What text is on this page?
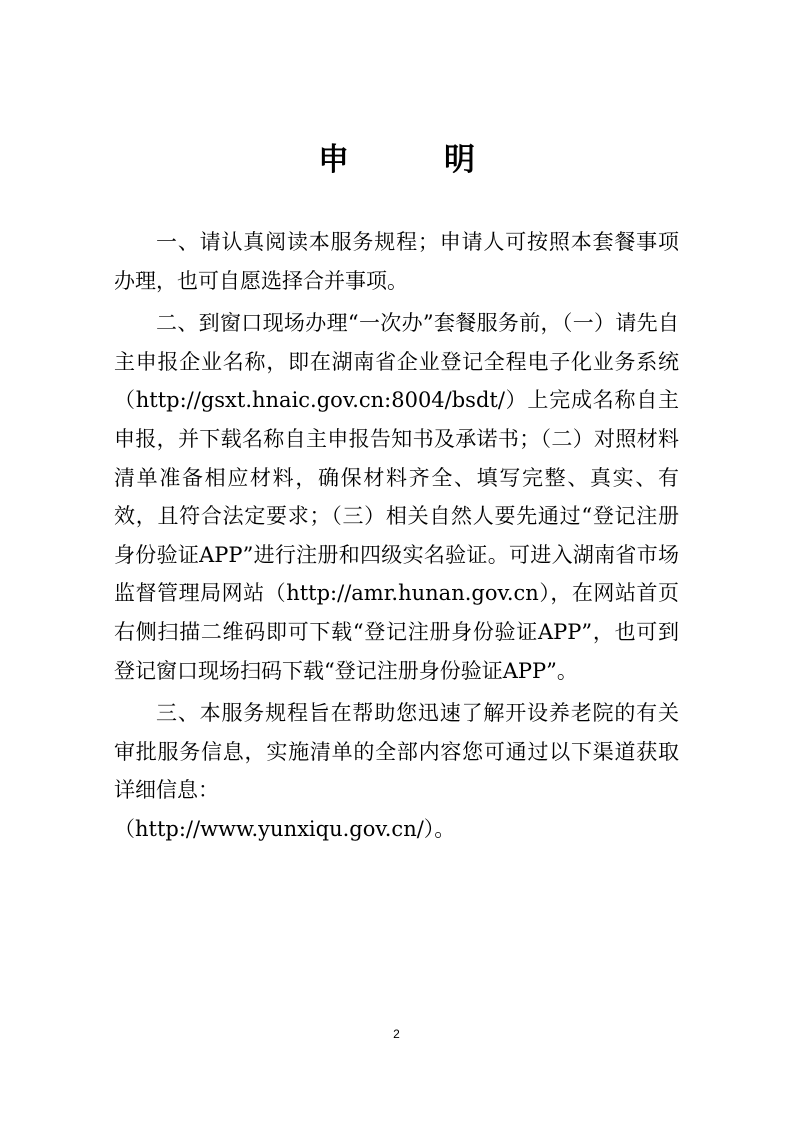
申　明

一、请认真阅读本服务规程；申请人可按照本套餐事项办理，也可自愿选择合并事项。

二、到窗口现场办理“一次办”套餐服务前，（一）请先自主申报企业名称，即在湖南省企业登记全程电子化业务系统（http://gsxt.hnaic.gov.cn:8004/bsdt/）上完成名称自主申报，并下载名称自主申报告知书及承诺书；（二）对照材料清单准备相应材料，确保材料齐全、填写完整、真实、有效，且符合法定要求；（三）相关自然人要先通过“登记注册身份验证APP”进行注册和四级实名验证。可进入湖南省市场监督管理局网站（http://amr.hunan.gov.cn），在网站首页右侧扫描二维码即可下载“登记注册身份验证APP”，也可到登记窗口现场扫码下载“登记注册身份验证APP”。

三、本服务规程旨在帮助您迅速了解开设养老院的有关审批服务信息，实施清单的全部内容您可通过以下渠道获取详细信息：

（http://www.yunxiqu.gov.cn/）。

2
